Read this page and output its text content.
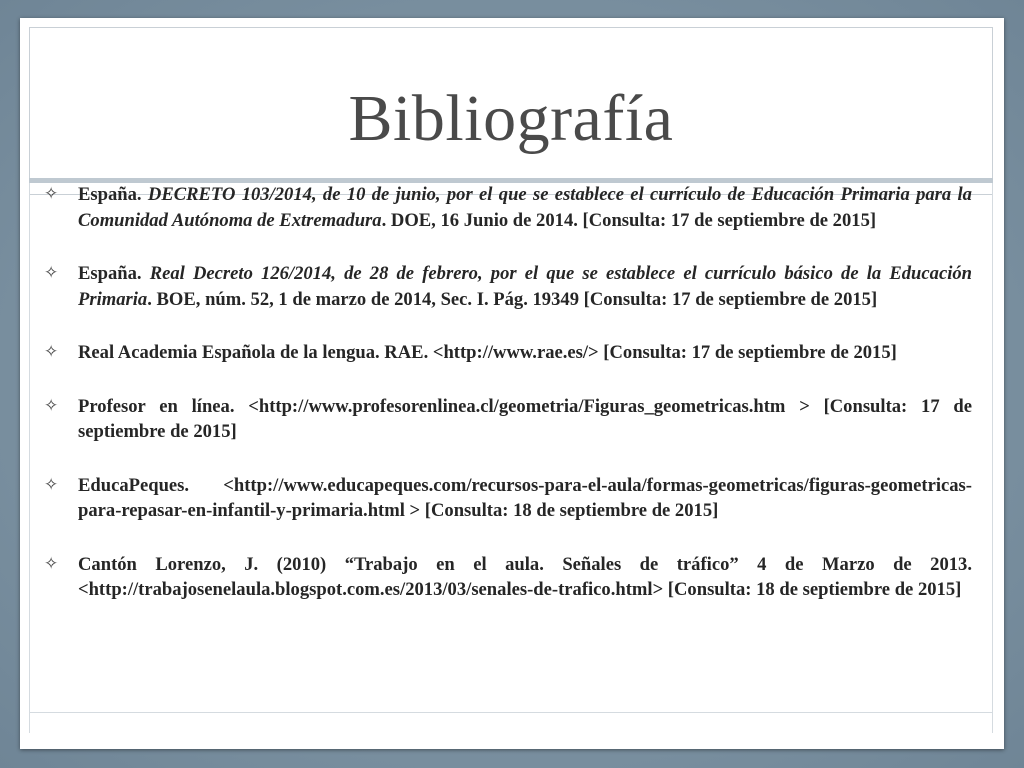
Bibliografía
✧ España. DECRETO 103/2014, de 10 de junio, por el que se establece el currículo de Educación Primaria para la Comunidad Autónoma de Extremadura. DOE, 16 Junio de 2014. [Consulta: 17 de septiembre de 2015]
✧ España. Real Decreto 126/2014, de 28 de febrero, por el que se establece el currículo básico de la Educación Primaria. BOE, núm. 52, 1 de marzo de 2014, Sec. I. Pág. 19349 [Consulta: 17 de septiembre de 2015]
✧ Real Academia Española de la lengua. RAE. <http://www.rae.es/> [Consulta: 17 de septiembre de 2015]
✧ Profesor en línea. <http://www.profesorenlinea.cl/geometria/Figuras_geometricas.htm > [Consulta: 17 de septiembre de 2015]
✧ EducaPeques. <http://www.educapeques.com/recursos-para-el-aula/formas-geometricas/figuras-geometricas-para-repasar-en-infantil-y-primaria.html > [Consulta: 18 de septiembre de 2015]
✧ Cantón Lorenzo, J. (2010) “Trabajo en el aula. Señales de tráfico” 4 de Marzo de 2013. <http://trabajosenelaula.blogspot.com.es/2013/03/senales-de-trafico.html> [Consulta: 18 de septiembre de 2015]
